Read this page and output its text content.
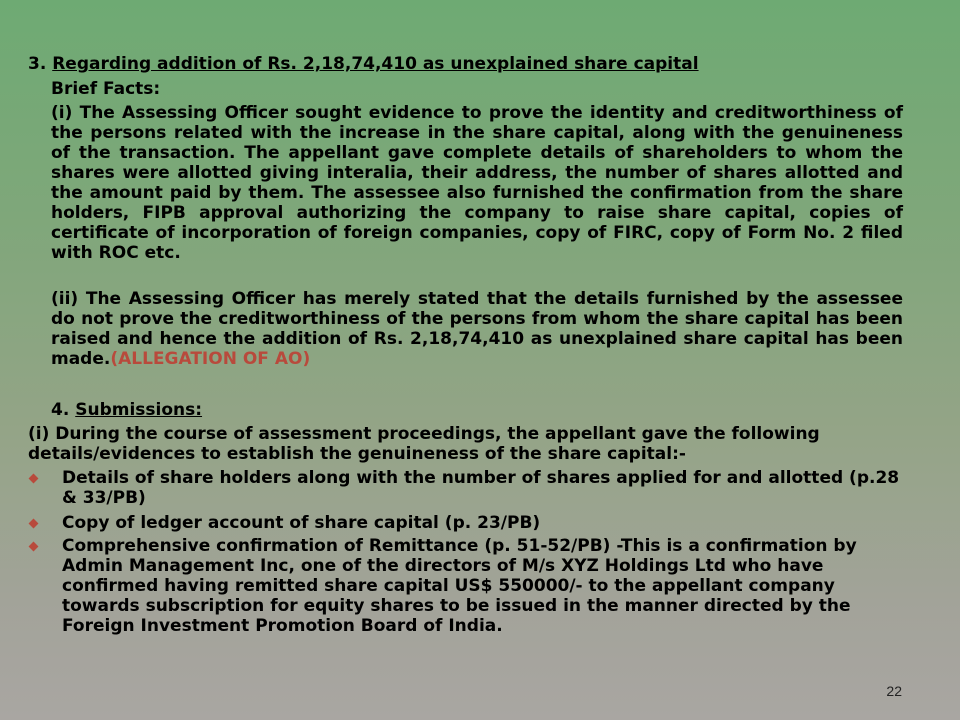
3. Regarding addition of Rs. 2,18,74,410 as unexplained share capital

Brief Facts:

(i) The Assessing Officer sought evidence to prove the identity and creditworthiness of the persons related with the increase in the share capital, along with the genuineness of the transaction. The appellant gave complete details of shareholders to whom the shares were allotted giving interalia, their address, the number of shares allotted and the amount paid by them. The assessee also furnished the confirmation from the share holders, FIPB approval authorizing the company to raise share capital, copies of certificate of incorporation of foreign companies, copy of FIRC, copy of Form No. 2 filed with ROC etc.

(ii) The Assessing Officer has merely stated that the details furnished by the assessee do not prove the creditworthiness of the persons from whom the share capital has been raised and hence the addition of Rs. 2,18,74,410 as unexplained share capital has been made.(ALLEGATION OF AO)

4. Submissions:

(i) During the course of assessment proceedings, the appellant gave the following details/evidences to establish the genuineness of the share capital:-

Details of share holders along with the number of shares applied for and allotted (p.28 & 33/PB)

Copy of ledger account of share capital (p. 23/PB)

Comprehensive confirmation of Remittance (p. 51-52/PB) -This is a confirmation by Admin Management Inc, one of the directors of M/s XYZ Holdings Ltd who have confirmed having remitted share capital US$ 550000/- to the appellant company towards subscription for equity shares to be issued in the manner directed by the Foreign Investment Promotion Board of India.

22
